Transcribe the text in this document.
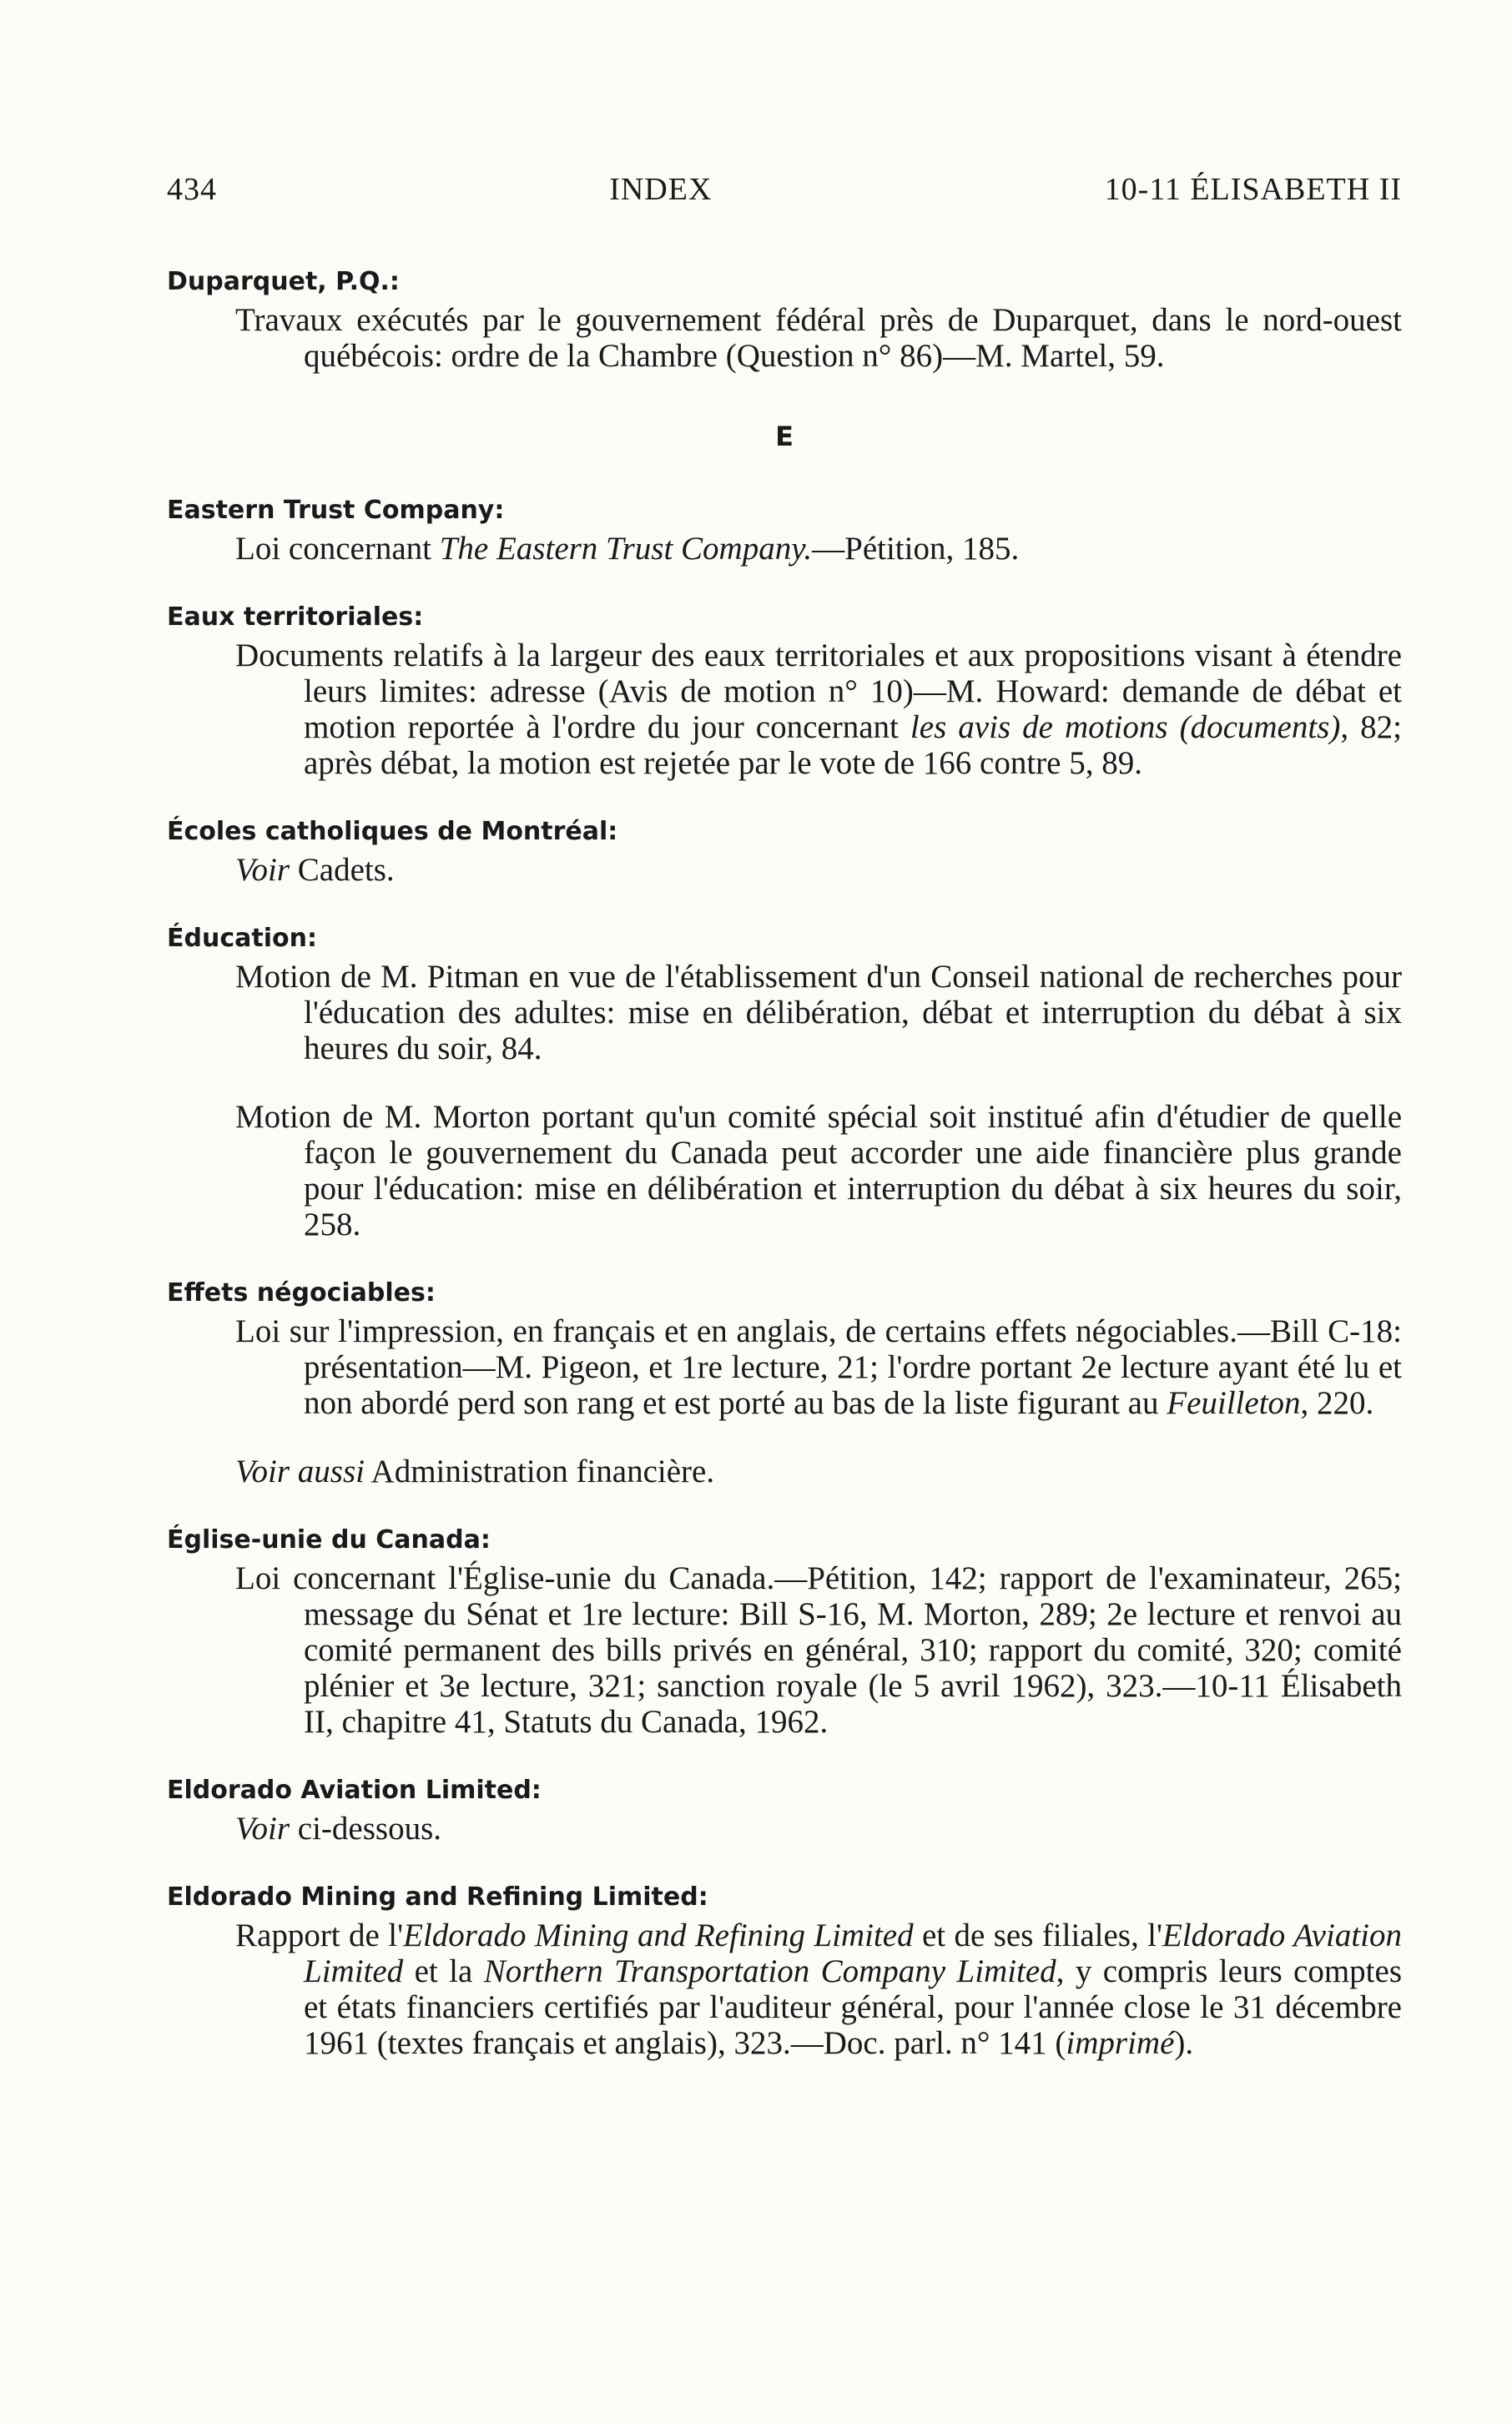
434	INDEX	10-11 ÉLISABETH II

Duparquet, P.Q.:

Travaux exécutés par le gouvernement fédéral près de Duparquet, dans le nord-ouest québécois: ordre de la Chambre (Question n° 86)—M. Martel, 59.

E

Eastern Trust Company:

Loi concernant The Eastern Trust Company.—Pétition, 185.

Eaux territoriales:

Documents relatifs à la largeur des eaux territoriales et aux propositions visant à étendre leurs limites: adresse (Avis de motion n° 10)—M. Howard: demande de débat et motion reportée à l'ordre du jour concernant les avis de motions (documents), 82; après débat, la motion est rejetée par le vote de 166 contre 5, 89.

Écoles catholiques de Montréal:

Voir Cadets.

Éducation:

Motion de M. Pitman en vue de l'établissement d'un Conseil national de recherches pour l'éducation des adultes: mise en délibération, débat et interruption du débat à six heures du soir, 84.

Motion de M. Morton portant qu'un comité spécial soit institué afin d'étudier de quelle façon le gouvernement du Canada peut accorder une aide financière plus grande pour l'éducation: mise en délibération et interruption du débat à six heures du soir, 258.

Effets négociables:

Loi sur l'impression, en français et en anglais, de certains effets négociables.—Bill C-18: présentation—M. Pigeon, et 1re lecture, 21; l'ordre portant 2e lecture ayant été lu et non abordé perd son rang et est porté au bas de la liste figurant au Feuilleton, 220.

Voir aussi Administration financière.

Église-unie du Canada:

Loi concernant l'Église-unie du Canada.—Pétition, 142; rapport de l'examinateur, 265; message du Sénat et 1re lecture: Bill S-16, M. Morton, 289; 2e lecture et renvoi au comité permanent des bills privés en général, 310; rapport du comité, 320; comité plénier et 3e lecture, 321; sanction royale (le 5 avril 1962), 323.—10-11 Élisabeth II, chapitre 41, Statuts du Canada, 1962.

Eldorado Aviation Limited:

Voir ci-dessous.

Eldorado Mining and Refining Limited:

Rapport de l'Eldorado Mining and Refining Limited et de ses filiales, l'Eldorado Aviation Limited et la Northern Transportation Company Limited, y compris leurs comptes et états financiers certifiés par l'auditeur général, pour l'année close le 31 décembre 1961 (textes français et anglais), 323.—Doc. parl. n° 141 (imprimé).
